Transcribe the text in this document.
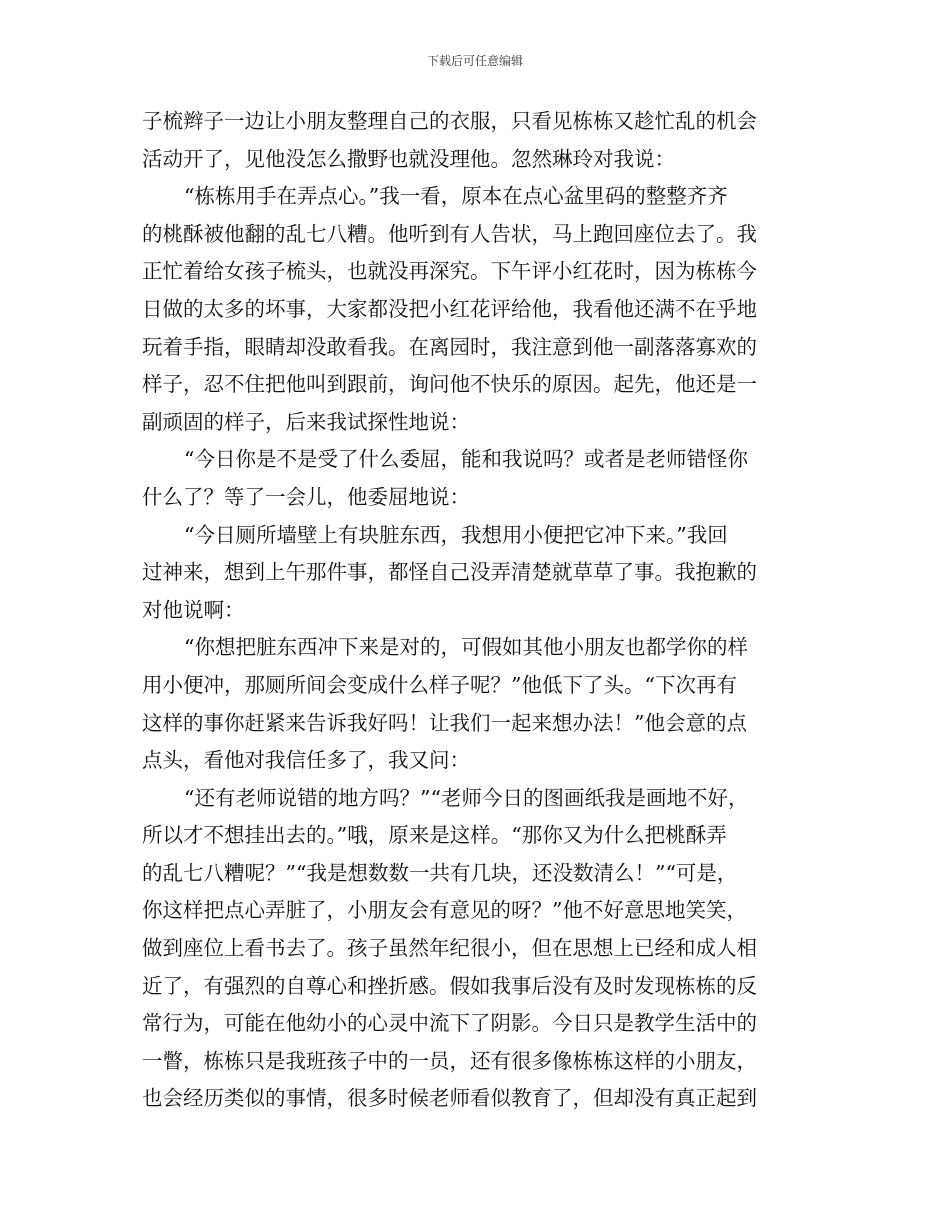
下载后可任意编辑
子梳辫子一边让小朋友整理自己的衣服，只看见栋栋又趁忙乱的机会
活动开了，见他没怎么撒野也就没理他。忽然琳玲对我说：
“栋栋用手在弄点心。”我一看，原本在点心盆里码的整整齐齐
的桃酥被他翻的乱七八糟。他听到有人告状，马上跑回座位去了。我
正忙着给女孩子梳头，也就没再深究。下午评小红花时，因为栋栋今
日做的太多的坏事，大家都没把小红花评给他，我看他还满不在乎地
玩着手指，眼睛却没敢看我。在离园时，我注意到他一副落落寡欢的
样子，忍不住把他叫到跟前，询问他不快乐的原因。起先，他还是一
副顽固的样子，后来我试探性地说：
“今日你是不是受了什么委屈，能和我说吗？或者是老师错怪你
什么了？等了一会儿，他委屈地说：
“今日厕所墙壁上有块脏东西，我想用小便把它冲下来。”我回
过神来，想到上午那件事，都怪自己没弄清楚就草草了事。我抱歉的
对他说啊：
“你想把脏东西冲下来是对的，可假如其他小朋友也都学你的样
用小便冲，那厕所间会变成什么样子呢？”他低下了头。“下次再有
这样的事你赶紧来告诉我好吗！让我们一起来想办法！”他会意的点
点头，看他对我信任多了，我又问：
“还有老师说错的地方吗？”“老师今日的图画纸我是画地不好，
所以才不想挂出去的。”哦，原来是这样。“那你又为什么把桃酥弄
的乱七八糟呢？”“我是想数数一共有几块，还没数清么！”“可是，
你这样把点心弄脏了，小朋友会有意见的呀？”他不好意思地笑笑，
做到座位上看书去了。孩子虽然年纪很小，但在思想上已经和成人相
近了，有强烈的自尊心和挫折感。假如我事后没有及时发现栋栋的反
常行为，可能在他幼小的心灵中流下了阴影。今日只是教学生活中的
一瞥，栋栋只是我班孩子中的一员，还有很多像栋栋这样的小朋友，
也会经历类似的事情，很多时候老师看似教育了，但却没有真正起到
